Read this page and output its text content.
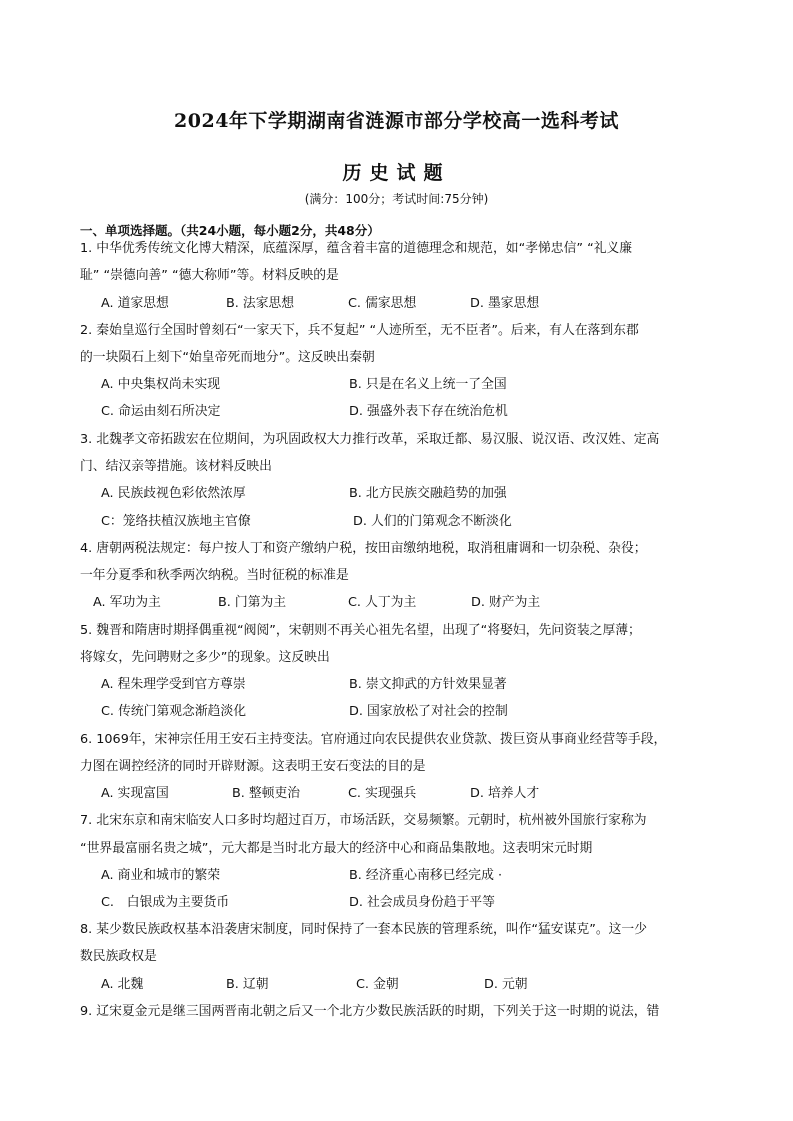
2024年下学期湖南省涟源市部分学校高一选科考试
历史试题
(满分：100分；考试时间:75分钟)
一、单项选择题。（共24小题，每小题2分，共48分）
1. 中华优秀传统文化博大精深，底蕴深厚，蕴含着丰富的道德理念和规范，如“孝悌忠信” “礼义廉
耻” “崇德向善” “德大称师”等。材料反映的是
A. 道家思想	B. 法家思想	C. 儒家思想	D. 墨家思想
2. 秦始皇巡行全国时曾刻石“一家天下，兵不复起” “人迹所至，无不臣者”。后来，有人在落到东郡
的一块陨石上刻下“始皇帝死而地分”。这反映出秦朝
A. 中央集权尚未实现	B. 只是在名义上统一了全国
C. 命运由刻石所决定	D. 强盛外表下存在统治危机
3. 北魏孝文帝拓跋宏在位期间，为巩固政权大力推行改革，采取迁都、易汉服、说汉语、改汉姓、定高
门、结汉亲等措施。该材料反映出
A. 民族歧视色彩依然浓厚	B. 北方民族交融趋势的加强
C：笼络扶植汉族地主官僚	D. 人们的门第观念不断淡化
4. 唐朝两税法规定：每户按人丁和资产缴纳户税，按田亩缴纳地税，取消租庸调和一切杂税、杂役；
一年分夏季和秋季两次纳税。当时征税的标准是
A. 军功为主	B. 门第为主	C. 人丁为主	D. 财产为主
5. 魏晋和隋唐时期择偶重视“阀阅”，宋朝则不再关心祖先名望，出现了“将娶妇，先问资装之厚薄；
将嫁女，先问聘财之多少”的现象。这反映出
A. 程朱理学受到官方尊崇	B. 崇文抑武的方针效果显著
C. 传统门第观念渐趋淡化	D. 国家放松了对社会的控制
6. 1069年，宋神宗任用王安石主持变法。官府通过向农民提供农业贷款、拨巨资从事商业经营等手段，
力图在调控经济的同时开辟财源。这表明王安石变法的目的是
A. 实现富国	B. 整顿吏治	C. 实现强兵	D. 培养人才
7. 北宋东京和南宋临安人口多时均超过百万，市场活跃，交易频繁。元朝时，杭州被外国旅行家称为
“世界最富丽名贵之城”，元大都是当时北方最大的经济中心和商品集散地。这表明宋元时期
A. 商业和城市的繁荣	B. 经济重心南移已经完成 ·
C.　白银成为主要货币	D. 社会成员身份趋于平等
8. 某少数民族政权基本沿袭唐宋制度，同时保持了一套本民族的管理系统，叫作“猛安谋克”。这一少
数民族政权是
A. 北魏	B. 辽朝	C. 金朝	D. 元朝
9. 辽宋夏金元是继三国两晋南北朝之后又一个北方少数民族活跃的时期，下列关于这一时期的说法，错
